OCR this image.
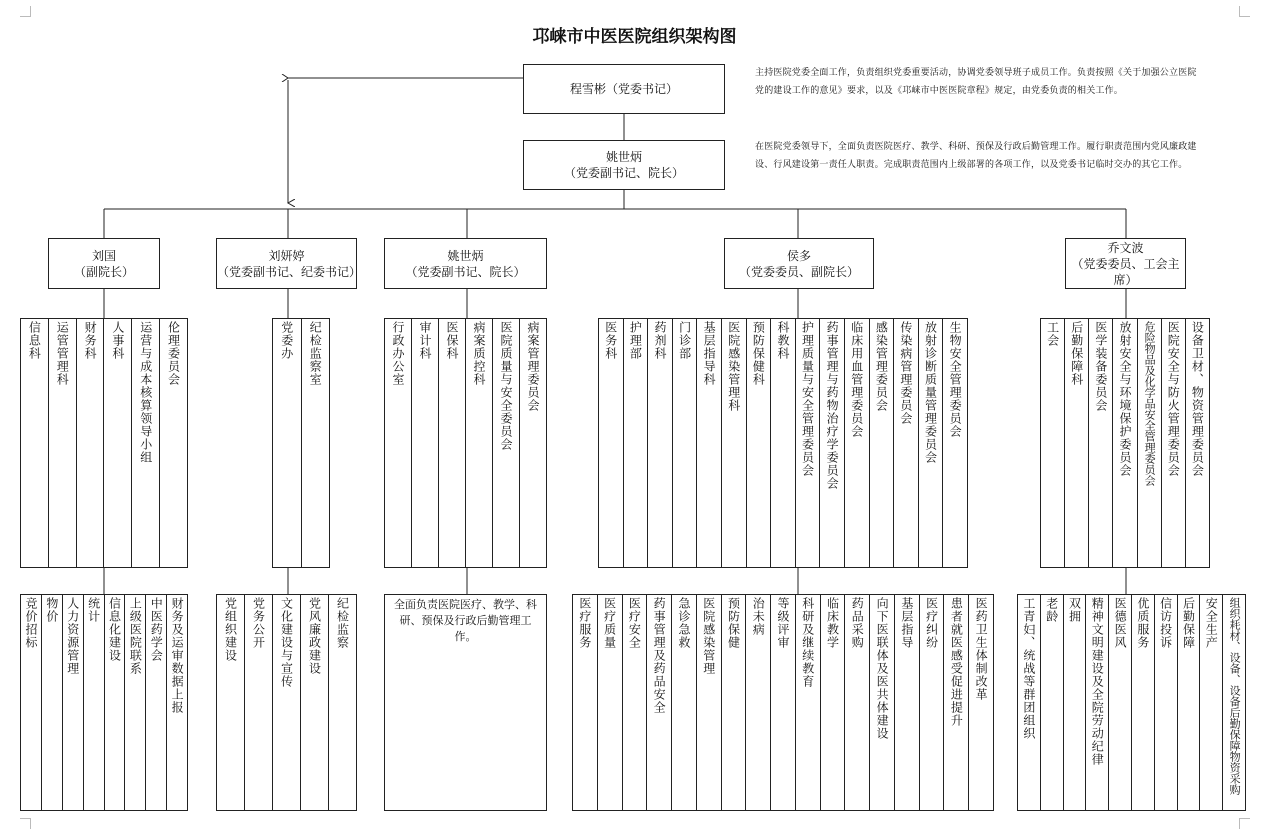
邛崃市中医医院组织架构图
程雪彬（党委书记）
主持医院党委全面工作，负责组织党委重要活动，协调党委领导班子成员工作。负责按照《关于加强公立医院党的建设工作的意见》要求，以及《邛崃市中医医院章程》规定，由党委负责的相关工作。
姚世炳
（党委副书记、院长）
在医院党委领导下，全面负责医院医疗、教学、科研、预保及行政后勤管理工作。履行职责范围内党风廉政建设、行风建设第一责任人职责。完成职责范围内上级部署的各项工作，以及党委书记临时交办的其它工作。
刘国
（副院长）
刘妍婷
（党委副书记、纪委书记）
姚世炳
（党委副书记、院长）
侯多
（党委委员、副院长）
乔文波
（党委委员、工会主席）
信息科 运管管理科 财务科 人事科 运营与成本核算领导小组 伦理委员会	党委办 纪检监察室	行政办公室 审计科 医保科 病案质控科 医院质量与安全委员会 病案管理委员会	医务科 护理部 药剂科 门诊部 基层指导科 医院感染管理科 预防保健科 科教科 护理质量与安全管理委员会 药事管理与药物治疗学委员会 临床用血管理委员会 感染管理委员会 传染病管理委员会 放射诊断质量管理委员会 生物安全管理委员会	工会 后勤保障科 医学装备委员会 放射安全与环境保护委员会 危险物品及化学品安全管理委员会 医院安全与防火管理委员会 设备卫材、物资管理委员会
竞价招标 物价 人力资源管理 统计 信息化建设 上级医院联系 中医药学会 财务及运审数据上报	党组织建设 党务公开 文化建设与宣传 党风廉政建设 纪检监察	全面负责医院医疗、教学、科研、预保及行政后勤管理工作。	医疗服务 医疗质量 医疗安全 药事管理及药品安全 急诊急救 医院感染管理 预防保健 治未病 等级评审 科研及继续教育 临床教学 药品采购 向下医联体及医共体建设 基层指导 医疗纠纷 患者就医感受促进提升 医药卫生体制改革	工青妇、统战等群团组织 老龄 双拥 精神文明建设及全院劳动纪律 医德医风 优质服务 信访投诉 后勤保障 安全生产 组织耗材、设备、设备后勤保障物资采购
